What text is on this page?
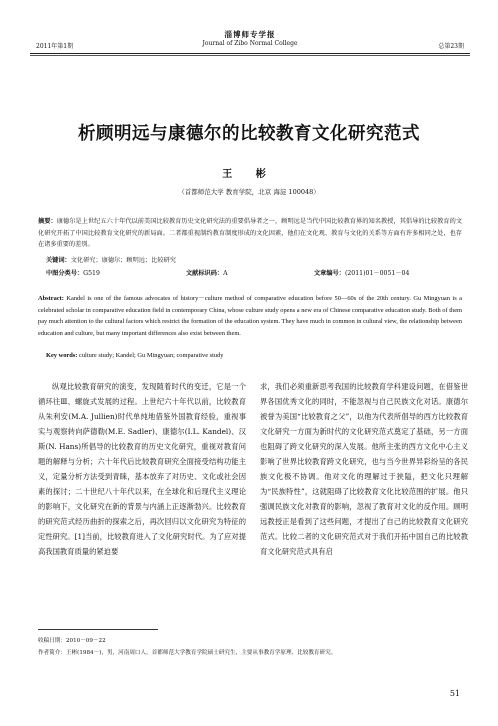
淄博师专学报
Journal of Zibo Normal College
2011年第1期	总第23期
析顾明远与康德尔的比较教育文化研究范式
王 彬
（首都师范大学 教育学院，北京 海淀 100048）
摘要：康德尔是上世纪五六十年代以前美国比较教育历史文化研究法的重要倡导者之一，顾明远是当代中国比较教育界的知名教授，其倡导的比较教育的文化研究开拓了中国比较教育文化研究的新局面。二者都重视制约教育制度形成的文化因素，他们在文化观、教育与文化的关系等方面有许多相同之处，也存在诸多重要的差别。
关键词：文化研究；康德尔；顾明远；比较研究
中图分类号：G519	文献标识码：A	文章编号：(2011)01－0051－04
Abstract: Kandel is one of the famous advocates of history－culture method of comparative education before 50—60s of the 20th century. Gu Mingyuan is a celebrated scholar in comparative education field in contemporary China, whose culture study opens a new era of Chinese comparative education study. Both of them pay much attention to the cultural factors which restrict the formation of the education system. They have much in common in cultural view, the relationship between education and culture, but many important differences also exist between them.
Key words: culture study; Kandel; Gu Mingyuan; comparative study
纵观比较教育研究的演变，发现随着时代的变迁，它是一个循环往Ⅲ、螺旋式发展的过程。上世纪六十年代以前，比较教育从朱利安(M.A. Jullien)时代单纯地借鉴外国教育经验，重视事实与观察转向萨德勒(M.E. Sadler)、康德尔(I.L. Kandel)、汉斯(N. Hans)所倡导的比较教育的历史文化研究，重视对教育问题的解释与分析；六十年代后比较教育研究全面接受结构功能主义，定量分析方法受到青睐，基本放弃了对历史、文化或社会因素的探讨；二十世纪八十年代以来，在全球化和后现代主义理论的影响下，文化研究在新的背景与内涵上正逐渐勃兴。比较教育的研究范式经历曲折的探索之后，再次回归以文化研究为特征的定性研究。[1]当前，比较教育进入了文化研究时代。为了应对提高我国教育质量的紧迫要
求，我们必须重新思考我国的比较教育学科建设问题，在借鉴世界各国优秀文化的同时，不能忽视与自己民族文化对话。康德尔被誉为美国“比较教育之父”，以他为代表所倡导的西方比较教育文化研究一方面为新时代的文化研究范式奠定了基础，另一方面也阻碍了跨文化研究的深入发展。他所主张的西方文化中心主义影响了世界比较教育跨文化研究，也与当今世界异彩纷呈的各民族文化极不协调。他对文化的理解过于狭隘，把文化只理解为“民族特性”，这就阻碍了比较教育文化比较范围的扩展。他只强调民族文化对教育的影响，忽视了教育对文化的反作用。顾明远教授正是看到了这些问题，才提出了自己的比较教育文化研究范式。比较二者的文化研究范式对于我们开拓中国自己的比较教育文化研究范式具有启
收稿日期：2010－09－22
作者简介：王彬(1984－)，男，河南周口人，首都师范大学教育学院硕士研究生，主要从事教育学原理、比较教育研究。
51
